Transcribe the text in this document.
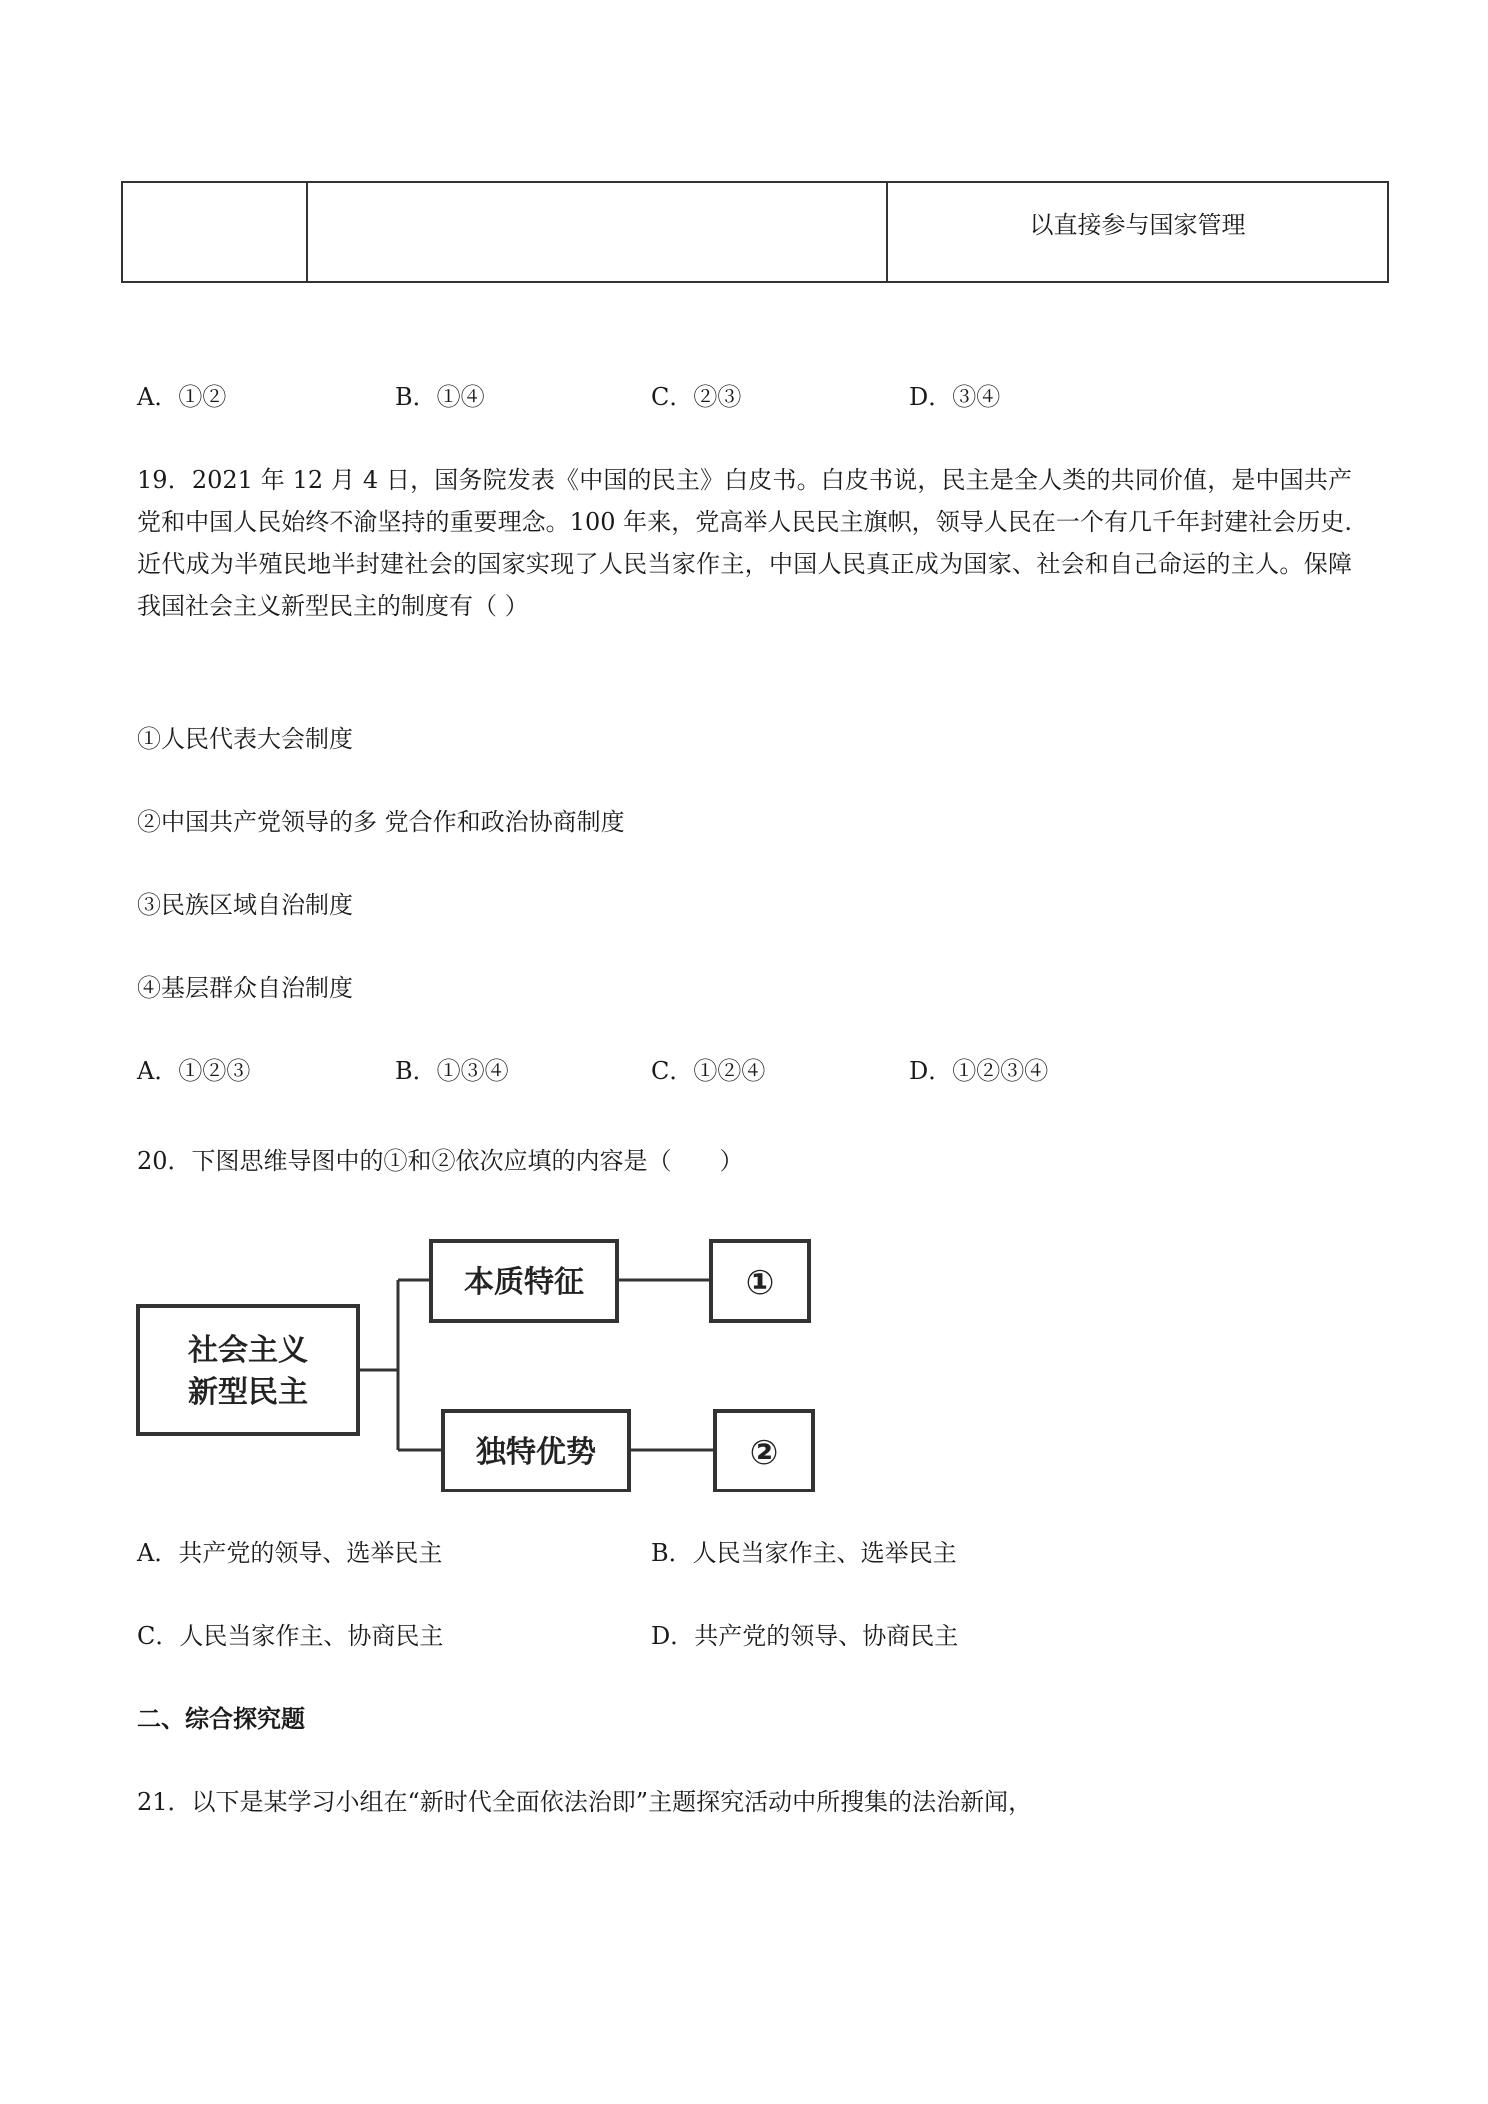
		以直接参与国家管理
A．①②	B．①④	C．②③	D．③④
19．2021 年 12 月 4 日，国务院发表《中国的民主》白皮书。白皮书说，民主是全人类的共同价值，是中国共产党和中国人民始终不渝坚持的重要理念。100 年来，党高举人民民主旗帜，领导人民在一个有几千年封建社会历史.近代成为半殖民地半封建社会的国家实现了人民当家作主，中国人民真正成为国家、社会和自己命运的主人。保障我国社会主义新型民主的制度有（ ）
①人民代表大会制度
②中国共产党领导的多 党合作和政治协商制度
③民族区域自治制度
④基层群众自治制度
A．①②③	B．①③④	C．①②④	D．①②③④
20．下图思维导图中的①和②依次应填的内容是（　　）
社会主义
新型民主
本质特征	①
独特优势	②
A．共产党的领导、选举民主	B．人民当家作主、选举民主
C．人民当家作主、协商民主	D．共产党的领导、协商民主
二、综合探究题
21．以下是某学习小组在“新时代全面依法治即”主题探究活动中所搜集的法治新闻，
